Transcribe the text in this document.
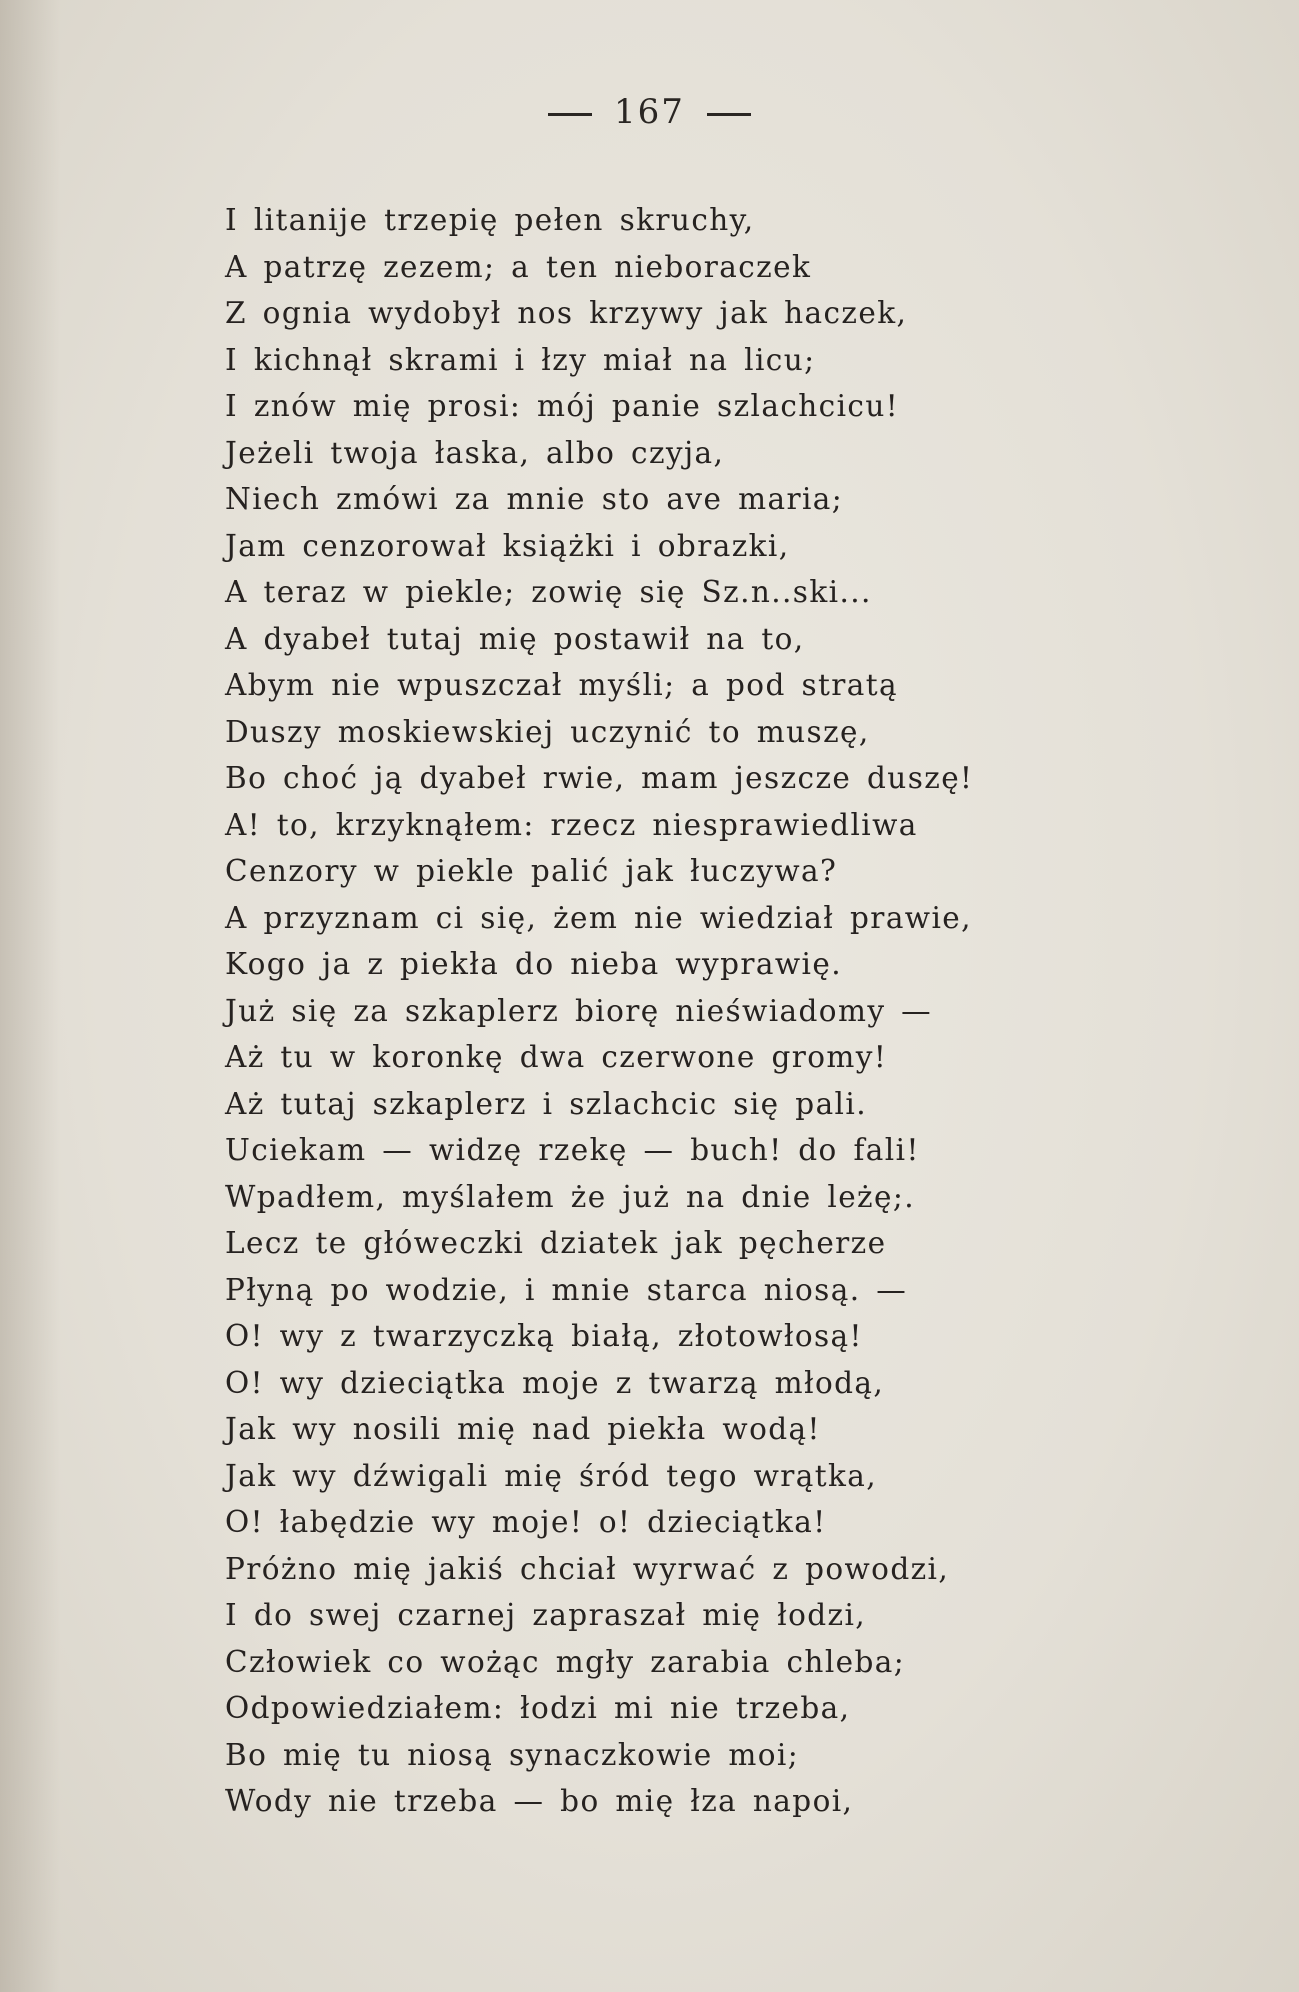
167
I litanije trzepię pełen skruchy,
A patrzę zezem; a ten nieboraczek
Z ognia wydobył nos krzywy jak haczek,
I kichnął skrami i łzy miał na licu;
I znów mię prosi: mój panie szlachcicu!
Jeżeli twoja łaska, albo czyja,
Niech zmówi za mnie sto ave maria;
Jam cenzorował książki i obrazki,
A teraz w piekle; zowię się Sz.n..ski...
A dyabeł tutaj mię postawił na to,
Abym nie wpuszczał myśli; a pod stratą
Duszy moskiewskiej uczynić to muszę,
Bo choć ją dyabeł rwie, mam jeszcze duszę!
A! to, krzyknąłem: rzecz niesprawiedliwa
Cenzory w piekle palić jak łuczywa?
A przyznam ci się, żem nie wiedział prawie,
Kogo ja z piekła do nieba wyprawię.
Już się za szkaplerz biorę nieświadomy —
Aż tu w koronkę dwa czerwone gromy!
Aż tutaj szkaplerz i szlachcic się pali.
Uciekam — widzę rzekę — buch! do fali!
Wpadłem, myślałem że już na dnie leżę;.
Lecz te główeczki dziatek jak pęcherze
Płyną po wodzie, i mnie starca niosą. —
O! wy z twarzyczką białą, złotowłosą!
O! wy dzieciątka moje z twarzą młodą,
Jak wy nosili mię nad piekła wodą!
Jak wy dźwigali mię śród tego wrątka,
O! łabędzie wy moje! o! dzieciątka!
Próżno mię jakiś chciał wyrwać z powodzi,
I do swej czarnej zapraszał mię łodzi,
Człowiek co wożąc mgły zarabia chleba;
Odpowiedziałem: łodzi mi nie trzeba,
Bo mię tu niosą synaczkowie moi;
Wody nie trzeba — bo mię łza napoi,
